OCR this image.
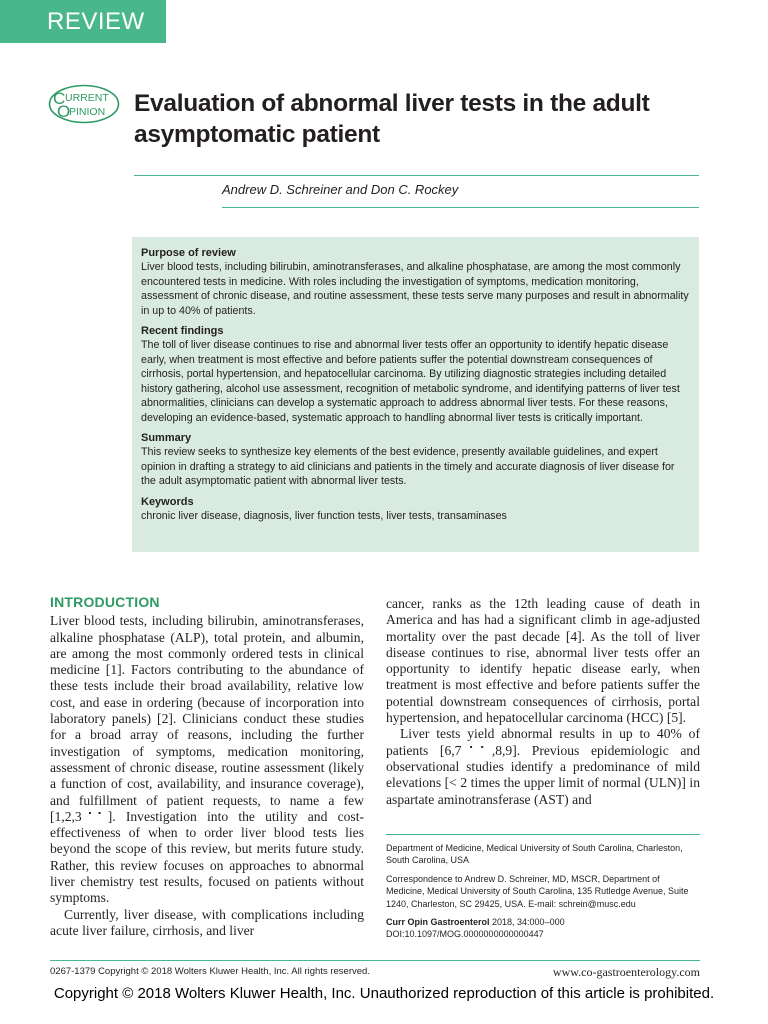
REVIEW
C URRENT
O
PINION Evaluation of abnormal liver tests in the adult
asymptomatic patient
Andrew D. Schreiner and Don C. Rockey
Purpose of review
Liver blood tests, including bilirubin, aminotransferases, and alkaline phosphatase, are among the most commonly encountered tests in medicine. With roles including the investigation of symptoms, medication monitoring, assessment of chronic disease, and routine assessment, these tests serve many purposes and result in abnormality in up to 40% of patients.
Recent findings
The toll of liver disease continues to rise and abnormal liver tests offer an opportunity to identify hepatic disease early, when treatment is most effective and before patients suffer the potential downstream consequences of cirrhosis, portal hypertension, and hepatocellular carcinoma. By utilizing diagnostic strategies including detailed history gathering, alcohol use assessment, recognition of metabolic syndrome, and identifying patterns of liver test abnormalities, clinicians can develop a systematic approach to address abnormal liver tests. For these reasons, developing an evidence-based, systematic approach to handling abnormal liver tests is critically important.
Summary
This review seeks to synthesize key elements of the best evidence, presently available guidelines, and expert opinion in drafting a strategy to aid clinicians and patients in the timely and accurate diagnosis of liver disease for the adult asymptomatic patient with abnormal liver tests.
Keywords
chronic liver disease, diagnosis, liver function tests, liver tests, transaminases
INTRODUCTION

Liver blood tests, including bilirubin, aminotransferases, alkaline phosphatase (ALP), total protein, and albumin, are among the most commonly ordered tests in clinical medicine [1]. Factors contributing to the abundance of these tests include their broad availability, relative low cost, and ease in ordering (because of incorporation into laboratory panels) [2]. Clinicians conduct these studies for a broad array of reasons, including the further investigation of symptoms, medication monitoring, assessment of chronic disease, routine assessment (likely a function of cost, availability, and insurance coverage), and fulfillment of patient requests, to name a few [1,2,3▪▪]. Investigation into the utility and cost-effectiveness of when to order liver blood tests lies beyond the scope of this review, but merits future study. Rather, this review focuses on approaches to abnormal liver chemistry test results, focused on patients without symptoms.

Currently, liver disease, with complications including acute liver failure, cirrhosis, and liver

cancer, ranks as the 12th leading cause of death in America and has had a significant climb in age-adjusted mortality over the past decade [4]. As the toll of liver disease continues to rise, abnormal liver tests offer an opportunity to identify hepatic disease early, when treatment is most effective and before patients suffer the potential downstream consequences of cirrhosis, portal hypertension, and hepatocellular carcinoma (HCC) [5].

Liver tests yield abnormal results in up to 40% of patients [6,7▪▪,8,9]. Previous epidemiologic and observational studies identify a predominance of mild elevations [< 2 times the upper limit of normal (ULN)] in aspartate aminotransferase (AST) and

Department of Medicine, Medical University of South Carolina, Charleston, South Carolina, USA

Correspondence to Andrew D. Schreiner, MD, MSCR, Department of Medicine, Medical University of South Carolina, 135 Rutledge Avenue, Suite 1240, Charleston, SC 29425, USA. E-mail: schrein@musc.edu

Curr Opin Gastroenterol 2018, 34:000–000
DOI:10.1097/MOG.0000000000000447
0267-1379 Copyright © 2018 Wolters Kluwer Health, Inc. All rights reserved.	www.co-gastroenterology.com
Copyright © 2018 Wolters Kluwer Health, Inc. Unauthorized reproduction of this article is prohibited.
